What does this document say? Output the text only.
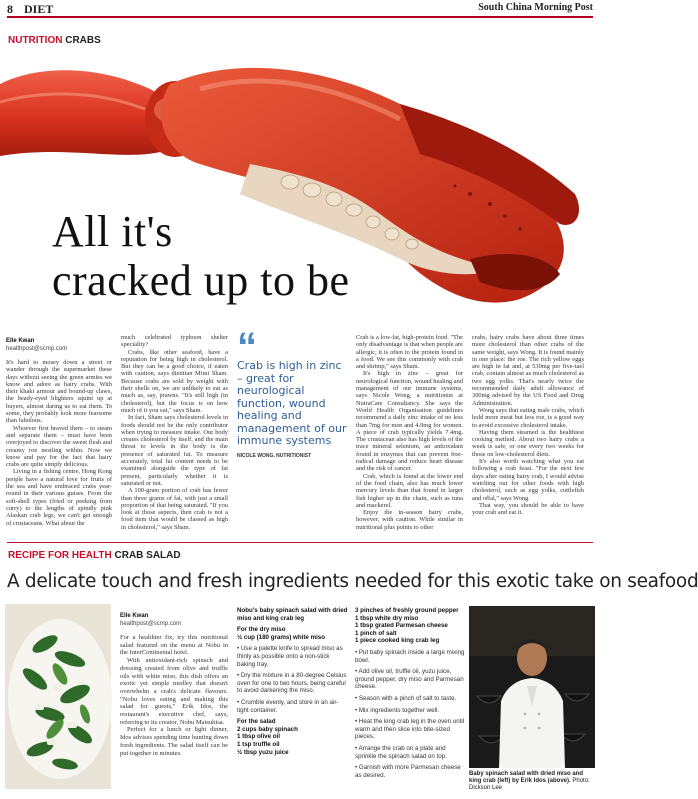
8 DIET	South China Morning Post
NUTRITION CRABS
All it's
cracked up to be
Elle Kwan
healthpost@scmp.com

It's hard to mosey down a street or wander through the supermarket these days without seeing the green armies we know and adore as hairy crabs. With their khaki armour and bound-up claws, the beady-eyed blighters squint up at buyers, almost daring us to eat them. To some, they probably look more fearsome than fabulous.

Whoever first braved them – to steam and separate them – must have been overjoyed to discover the sweet flesh and creamy roe nestling within. Now we know and pay for the fact that hairy crabs are quite simply delicious.

Living in a fishing centre, Hong Kong people have a natural love for fruits of the sea and have embraced crabs year-round in their various guises. From the soft-shell types (fried or peeking from curry) to the lengths of spindly pink Alaskan crab legs, we can't get enough of crustaceans. What about the

much celebrated typhoon shelter speciality?

Crabs, like other seafood, have a reputation for being high in cholesterol. But they can be a good choice, if eaten with caution, says dietitian Mimi Sham. Because crabs are sold by weight with their shells on, we are unlikely to eat as much as, say, prawns. "It's still high (in cholesterol), but the focus is on how much of it you eat," says Sham.

In fact, Sham says cholesterol levels in foods should not be the only contributor when trying to measure intake. Our body creates cholesterol by itself, and the main threat to levels in the body is the presence of saturated fat. To measure accurately, total fat content needs to be examined alongside the type of fat present, particularly whether it is saturated or not.

A 100-gram portion of crab has fewer than three grams of fat, with just a small proportion of that being saturated. "If you look at those aspects, then crab is not a food item that would be classed as high in cholesterol," says Sham.

“
Crab is high in zinc – great for neurological function, wound healing and management of our immune systems
NICOLE WONG, NUTRITIONIST

Crab is a low-fat, high-protein food. "The only disadvantage is that when people are allergic, it is often to the protein found in a food. We see this commonly with crab and shrimp," says Sham.

It's high in zinc – great for neurological function, wound healing and management of our immune systems, says Nicole Wong, a nutritionist at NutraCare Consultancy. She says the World Health Organisation guidelines recommend a daily zinc intake of no less than 7mg for men and 4.9mg for women. A piece of crab typically yields 7.4mg. The crustacean also has high levels of the trace mineral selenium, an antioxidant found in enzymes that can prevent free-radical damage and reduce heart disease and the risk of cancer.

Crab, which is found at the lower end of the food chain, also has much lower mercury levels than that found in larger fish higher up in the chain, such as tuna and mackerel.

Enjoy the in-season hairy crabs, however, with caution. While similar in nutritional plus points to other

crabs, hairy crabs have about three times more cholesterol than other crabs of the same weight, says Wong. It is found mainly in one place: the roe. The rich yellow eggs are high in fat and, at 530mg per five-tael crab, contain almost as much cholesterol as two egg yolks. That's nearly twice the recommended daily adult allowance of 300mg advised by the US Food and Drug Administration.

Wong says that eating male crabs, which hold more meat but less roe, is a good way to avoid excessive cholesterol intake.

Having them steamed is the healthiest cooking method. About two hairy crabs a week is safe, or one every two weeks for those on low-cholesterol diets.

It's also worth watching what you eat following a crab feast. "For the next few days after eating hairy crab, I would advise watching out for other foods with high cholesterol, such as egg yolks, cuttlefish and offal," says Wong.

That way, you should be able to have your crab and eat it.

RECIPE FOR HEALTH CRAB SALAD
A delicate touch and fresh ingredients needed for this exotic take on seafood
Elle Kwan
healthpost@scmp.com

For a healthier fix, try this nutritional salad featured on the menu at Nobu in the InterContinental hotel.

With antioxidant-rich spinach and dressing created from olive and truffle oils with white miso, this dish offers an exotic yet simple medley that doesn't overwhelm a crab's delicate flavours. "Nobu loves eating and making this salad for guests," Erik Idos, the restaurant's executive chef, says, referring to its creator, Nobu Matsuhisa.

Perfect for a lunch or light dinner, Idos advises spending time hunting down fresh ingredients. The salad itself can be put together in minutes.

Nobu's baby spinach salad with dried miso and king crab leg
For the dry miso
½ cup (180 grams) white miso
• Use a palette knife to spread miso as thinly as possible onto a non-stick baking tray.
• Dry the mixture in a 80-degree Celsius oven for one to two hours, being careful to avoid darkening the miso.
• Crumble evenly, and store in an air-tight container.
For the salad
2 cups baby spinach
1 tbsp olive oil
1 tsp truffle oil
½ tbsp yuzu juice
3 pinches of freshly ground pepper
1 tbsp white dry miso
1 tbsp grated Parmesan cheese
1 pinch of salt
1 piece cooked king crab leg
• Put baby spinach inside a large mixing bowl.
• Add olive oil, truffle oil, yuzu juice, ground pepper, dry miso and Parmesan cheese.
• Season with a pinch of salt to taste.
• Mix ingredients together well.
• Heat the king crab leg in the oven until warm and then slice into bite-sized pieces.
• Arrange the crab on a plate and sprinkle the spinach salad on top.
• Garnish with more Parmesan cheese as desired.	Baby spinach salad with dried miso and king crab (left) by Erik Idos (above). Photo: Dickson Lee
